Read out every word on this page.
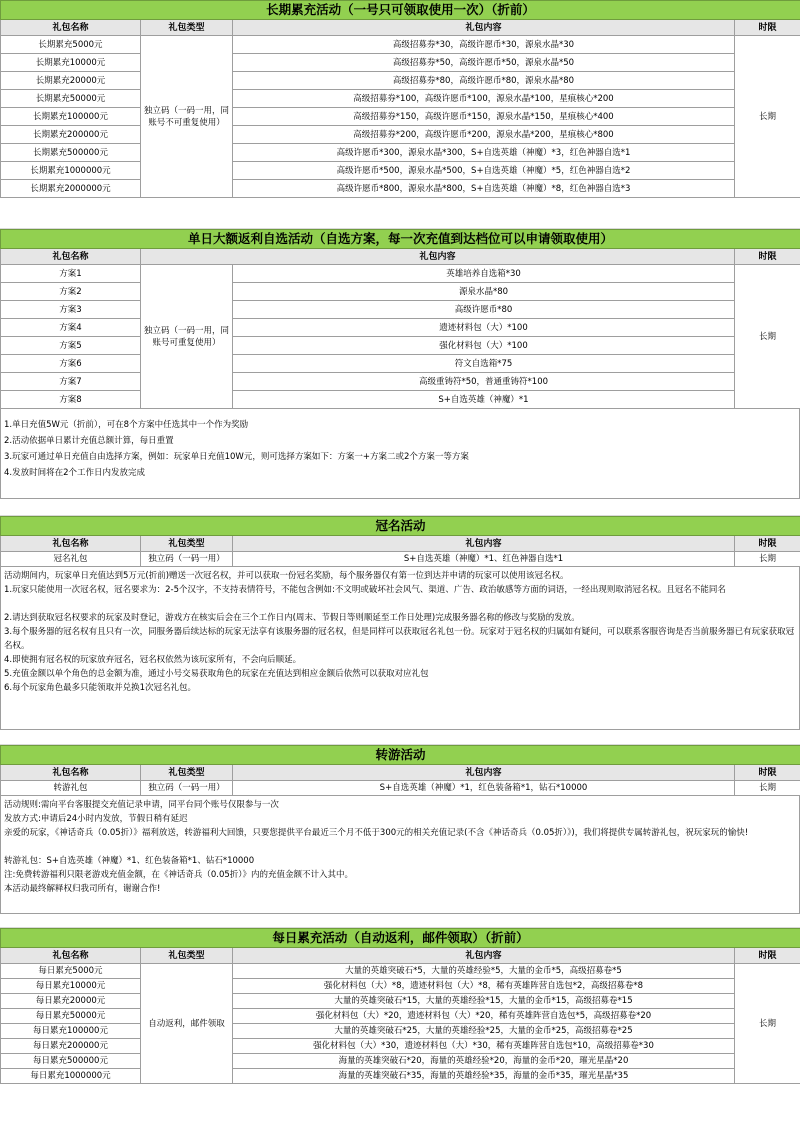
长期累充活动（一号只可领取使用一次）（折前）			
礼包名称	礼包类型	礼包内容	时限
长期累充5000元	独立码（一码一用，同账号不可重复使用）	高级招募券*30，高级许愿币*30，源泉水晶*30	长期
长期累充10000元		高级招募券*50，高级许愿币*50，源泉水晶*50	
长期累充20000元		高级招募券*80，高级许愿币*80，源泉水晶*80	
长期累充50000元		高级招募券*100，高级许愿币*100，源泉水晶*100，星痕核心*200	
长期累充100000元		高级招募券*150，高级许愿币*150，源泉水晶*150，星痕核心*400	
长期累充200000元		高级招募券*200，高级许愿币*200，源泉水晶*200，星痕核心*800	
长期累充500000元		高级许愿币*300，源泉水晶*300，S+自选英雄（神魔）*3，红色神器自选*1	
长期累充1000000元		高级许愿币*500，源泉水晶*500，S+自选英雄（神魔）*5，红色神器自选*2	
长期累充2000000元		高级许愿币*800，源泉水晶*800，S+自选英雄（神魔）*8，红色神器自选*3	
单日大额返利自选活动（自选方案，每一次充值到达档位可以申请领取使用）			
礼包名称	礼包内容		时限
方案1	独立码（一码一用，同账号可重复使用）	英雄培养自选箱*30	长期
方案2		源泉水晶*80	
方案3		高级许愿币*80	
方案4		遗迹材料包（大）*100	
方案5		强化材料包（大）*100	
方案6		符文自选箱*75	
方案7		高级重铸符*50，普通重铸符*100	
方案8		S+自选英雄（神魔）*1	
1.单日充值5W元（折前），可在8个方案中任选其中一个作为奖励
2.活动依据单日累计充值总额计算，每日重置
3.玩家可通过单日充值自由选择方案，例如：玩家单日充值10W元，则可选择方案如下：方案一+方案二或2个方案一等方案
4.发放时间将在2个工作日内发放完成
冠名活动			
礼包名称	礼包类型	礼包内容	时限
冠名礼包	独立码（一码一用）	S+自选英雄（神魔）*1、红色神器自选*1	长期
活动期间内，玩家单日充值达到5万元(折前)赠送一次冠名权，并可以获取一份冠名奖励，每个服务器仅有第一位到达并申请的玩家可以使用该冠名权。
1.玩家只能使用一次冠名权，冠名要求为：2-5个汉字，不支持表情符号，不能包含例如:不文明或破坏社会风气、渠道、广告、政治敏感等方面的词语，一经出现则取消冠名权。且冠名不能同名
2.请达到获取冠名权要求的玩家及时登记，游戏方在核实后会在三个工作日内(周末、节假日等则顺延至工作日处理)完成服务器名称的修改与奖励的发放。
3.每个服务器的冠名权有且只有一次，同服务器后续达标的玩家无法享有该服务器的冠名权，但是同样可以获取冠名礼包一份。玩家对于冠名权的归属如有疑问，可以联系客服咨询是否当前服务器已有玩家获取冠名权。
4.即使拥有冠名权的玩家放弃冠名，冠名权依然为该玩家所有，不会向后顺延。
5.充值金额以单个角色的总金额为准，通过小号交易获取角色的玩家在充值达到相应金额后依然可以获取对应礼包
6.每个玩家角色最多只能领取并兑换1次冠名礼包。
转游活动			
礼包名称	礼包类型	礼包内容	时限
转游礼包	独立码（一码一用）	S+自选英雄（神魔）*1，红色装备箱*1，钻石*10000	长期
活动规则:需向平台客服提交充值记录申请，同平台同个账号仅限参与一次
发放方式:申请后24小时内发放，节假日稍有延迟
亲爱的玩家，《神话奇兵（0.05折）》福利放送，转游福利大回馈，只要您提供平台最近三个月不低于300元的相关充值记录(不含《神话奇兵（0.05折）》)，我们将提供专属转游礼包，祝玩家玩的愉快!
转游礼包：S+自选英雄（神魔）*1、红色装备箱*1、钻石*10000
注:免费转游福利只限老游戏充值金额，在《神话奇兵（0.05折）》内的充值金额不计入其中。
本活动最终解释权归我司所有，谢谢合作!
每日累充活动（自动返利，邮件领取）（折前）			
礼包名称	礼包类型	礼包内容	时限
每日累充5000元	自动返利，邮件领取	大量的英雄突破石*5，大量的英雄经验*5，大量的金币*5，高级招募卷*5	长期
每日累充10000元		强化材料包（大）*8，遗迹材料包（大）*8，稀有英雄阵营自选包*2，高级招募卷*8	
每日累充20000元		大量的英雄突破石*15，大量的英雄经验*15，大量的金币*15，高级招募卷*15	
每日累充50000元		强化材料包（大）*20，遗迹材料包（大）*20，稀有英雄阵营自选包*5，高级招募卷*20	
每日累充100000元		大量的英雄突破石*25，大量的英雄经验*25，大量的金币*25，高级招募卷*25	
每日累充200000元		强化材料包（大）*30，遗迹材料包（大）*30，稀有英雄阵营自选包*10，高级招募卷*30	
每日累充500000元		海量的英雄突破石*20，海量的英雄经验*20，海量的金币*20，璀光星晶*20	
每日累充1000000元		海量的英雄突破石*35，海量的英雄经验*35，海量的金币*35，璀光星晶*35	
